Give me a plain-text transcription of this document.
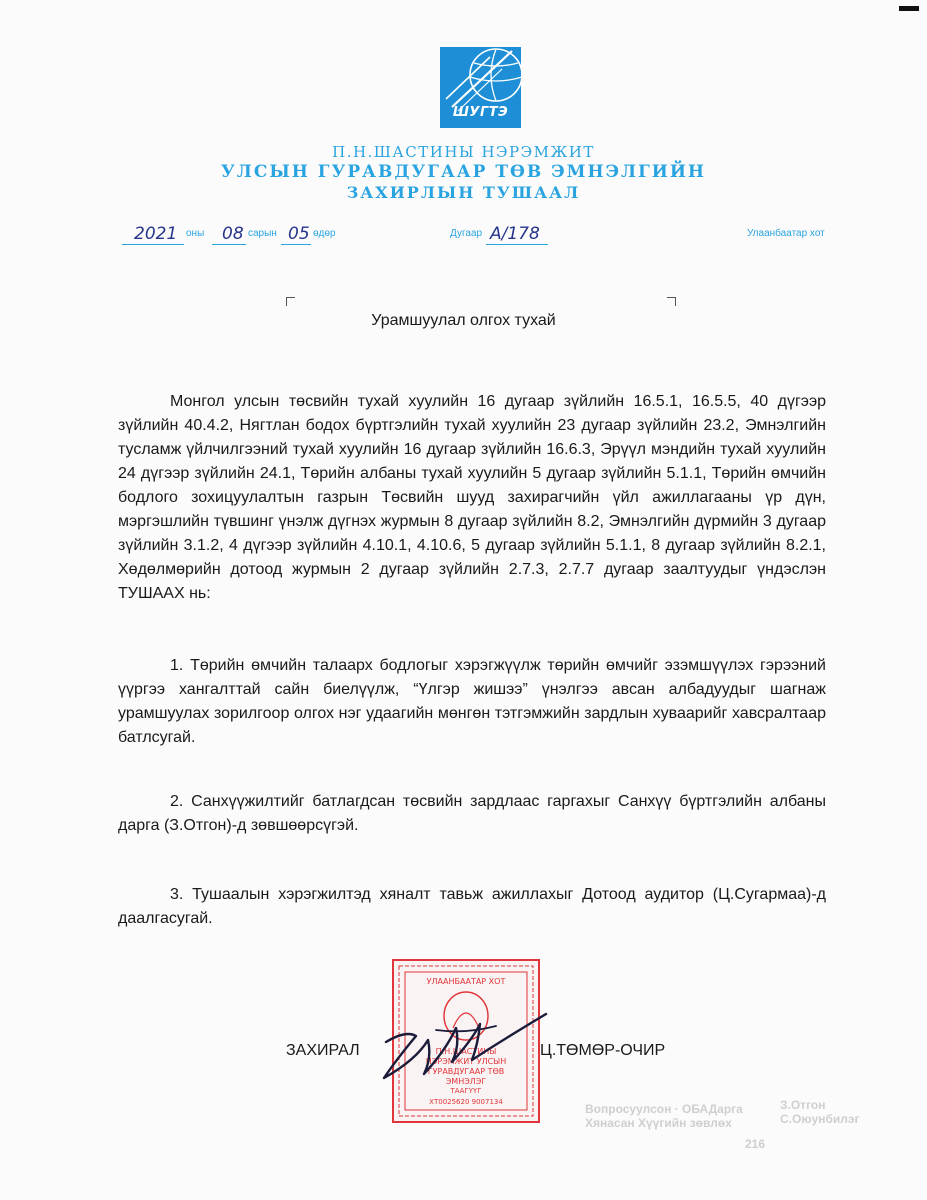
ШУГТЭ
П.Н.ШАСТИНЫ НЭРЭМЖИТ
УЛСЫН ГУРАВДУГААР ТӨВ ЭМНЭЛГИЙН
ЗАХИРЛЫН ТУШААЛ
2021 оны 08 сарын 05 өдөр	Дугаар А/178	Улаанбаатар хот
Урамшуулал олгох тухай

Монгол улсын төсвийн тухай хуулийн 16 дугаар зүйлийн 16.5.1, 16.5.5, 40 дүгээр зүйлийн 40.4.2, Нягтлан бодох бүртгэлийн тухай хуулийн 23 дугаар зүйлийн 23.2, Эмнэлгийн тусламж үйлчилгээний тухай хуулийн 16 дугаар зүйлийн 16.6.3, Эрүүл мэндийн тухай хуулийн 24 дүгээр зүйлийн 24.1, Төрийн албаны тухай хуулийн 5 дугаар зүйлийн 5.1.1, Төрийн өмчийн бодлого зохицуулалтын газрын Төсвийн шууд захирагчийн үйл ажиллагааны үр дүн, мэргэшлийн түвшинг үнэлж дүгнэх журмын 8 дугаар зүйлийн 8.2, Эмнэлгийн дүрмийн 3 дугаар зүйлийн 3.1.2, 4 дүгээр зүйлийн 4.10.1, 4.10.6, 5 дугаар зүйлийн 5.1.1, 8 дугаар зүйлийн 8.2.1, Хөдөлмөрийн дотоод журмын 2 дугаар зүйлийн 2.7.3, 2.7.7 дугаар заалтуудыг үндэслэн ТУШААХ нь:

1. Төрийн өмчийн талаарх бодлогыг хэрэгжүүлж төрийн өмчийг эзэмшүүлэх гэрээний үүргээ хангалттай сайн биелүүлж, “Үлгэр жишээ” үнэлгээ авсан албадуудыг шагнаж урамшуулах зорилгоор олгох нэг удаагийн мөнгөн тэтгэмжийн зардлын хуваарийг хавсралтаар батлсугай.

2. Санхүүжилтийг батлагдсан төсвийн зардлаас гаргахыг Санхүү бүртгэлийн албаны дарга (З.Отгон)-д зөвшөөрсүгэй.

3. Тушаалын хэрэгжилтэд хяналт тавьж ажиллахыг Дотоод аудитор (Ц.Сугармаа)-д даалгасугай.

Вопросуулсон · ОБАДарга
Хянасан Хүүгийн зөвлөх
216
З.Отгон
С.Оюунбилэг
ЗАХИРАЛ	Ц.ТӨМӨР-ОЧИР
УЛААНБААТАР ХОТ
П.Н.ШАСТИНЫ
НЭРЭМЖИТ УЛСЫН
ГУРАВДУГААР ТӨВ
ЭМНЭЛЭГ
ТААГҮҮГ
ХТ0025620 9007134
